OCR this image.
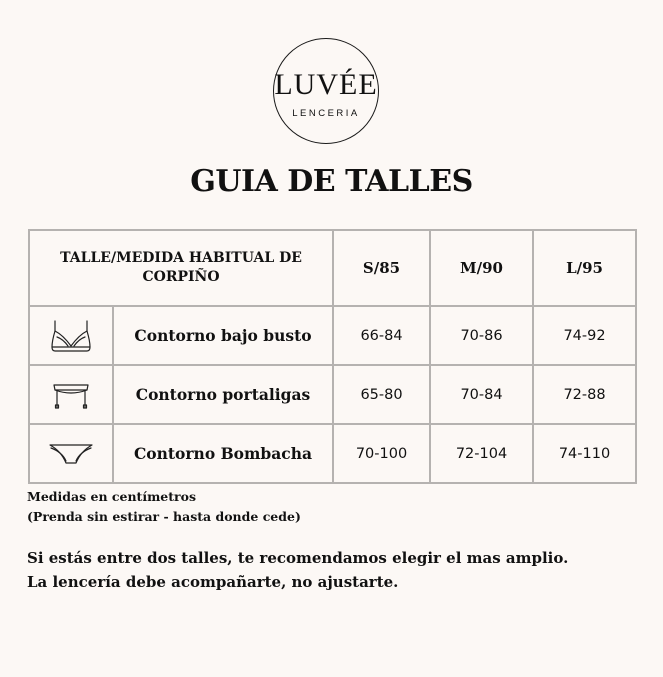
LUVÉE
LENCERIA
GUIA DE TALLES
TALLE/MEDIDA HABITUAL DE CORPIÑO		S/85	M/90	L/95

	Contorno bajo busto	66-84	70-86	74-92

	Contorno portaligas	65-80	70-84	72-88

	Contorno Bombacha	70-100	72-104	74-110
Medidas en centímetros
(Prenda sin estirar - hasta donde cede)
Si estás entre dos talles, te recomendamos elegir el mas amplio.
La lencería debe acompañarte, no ajustarte.
